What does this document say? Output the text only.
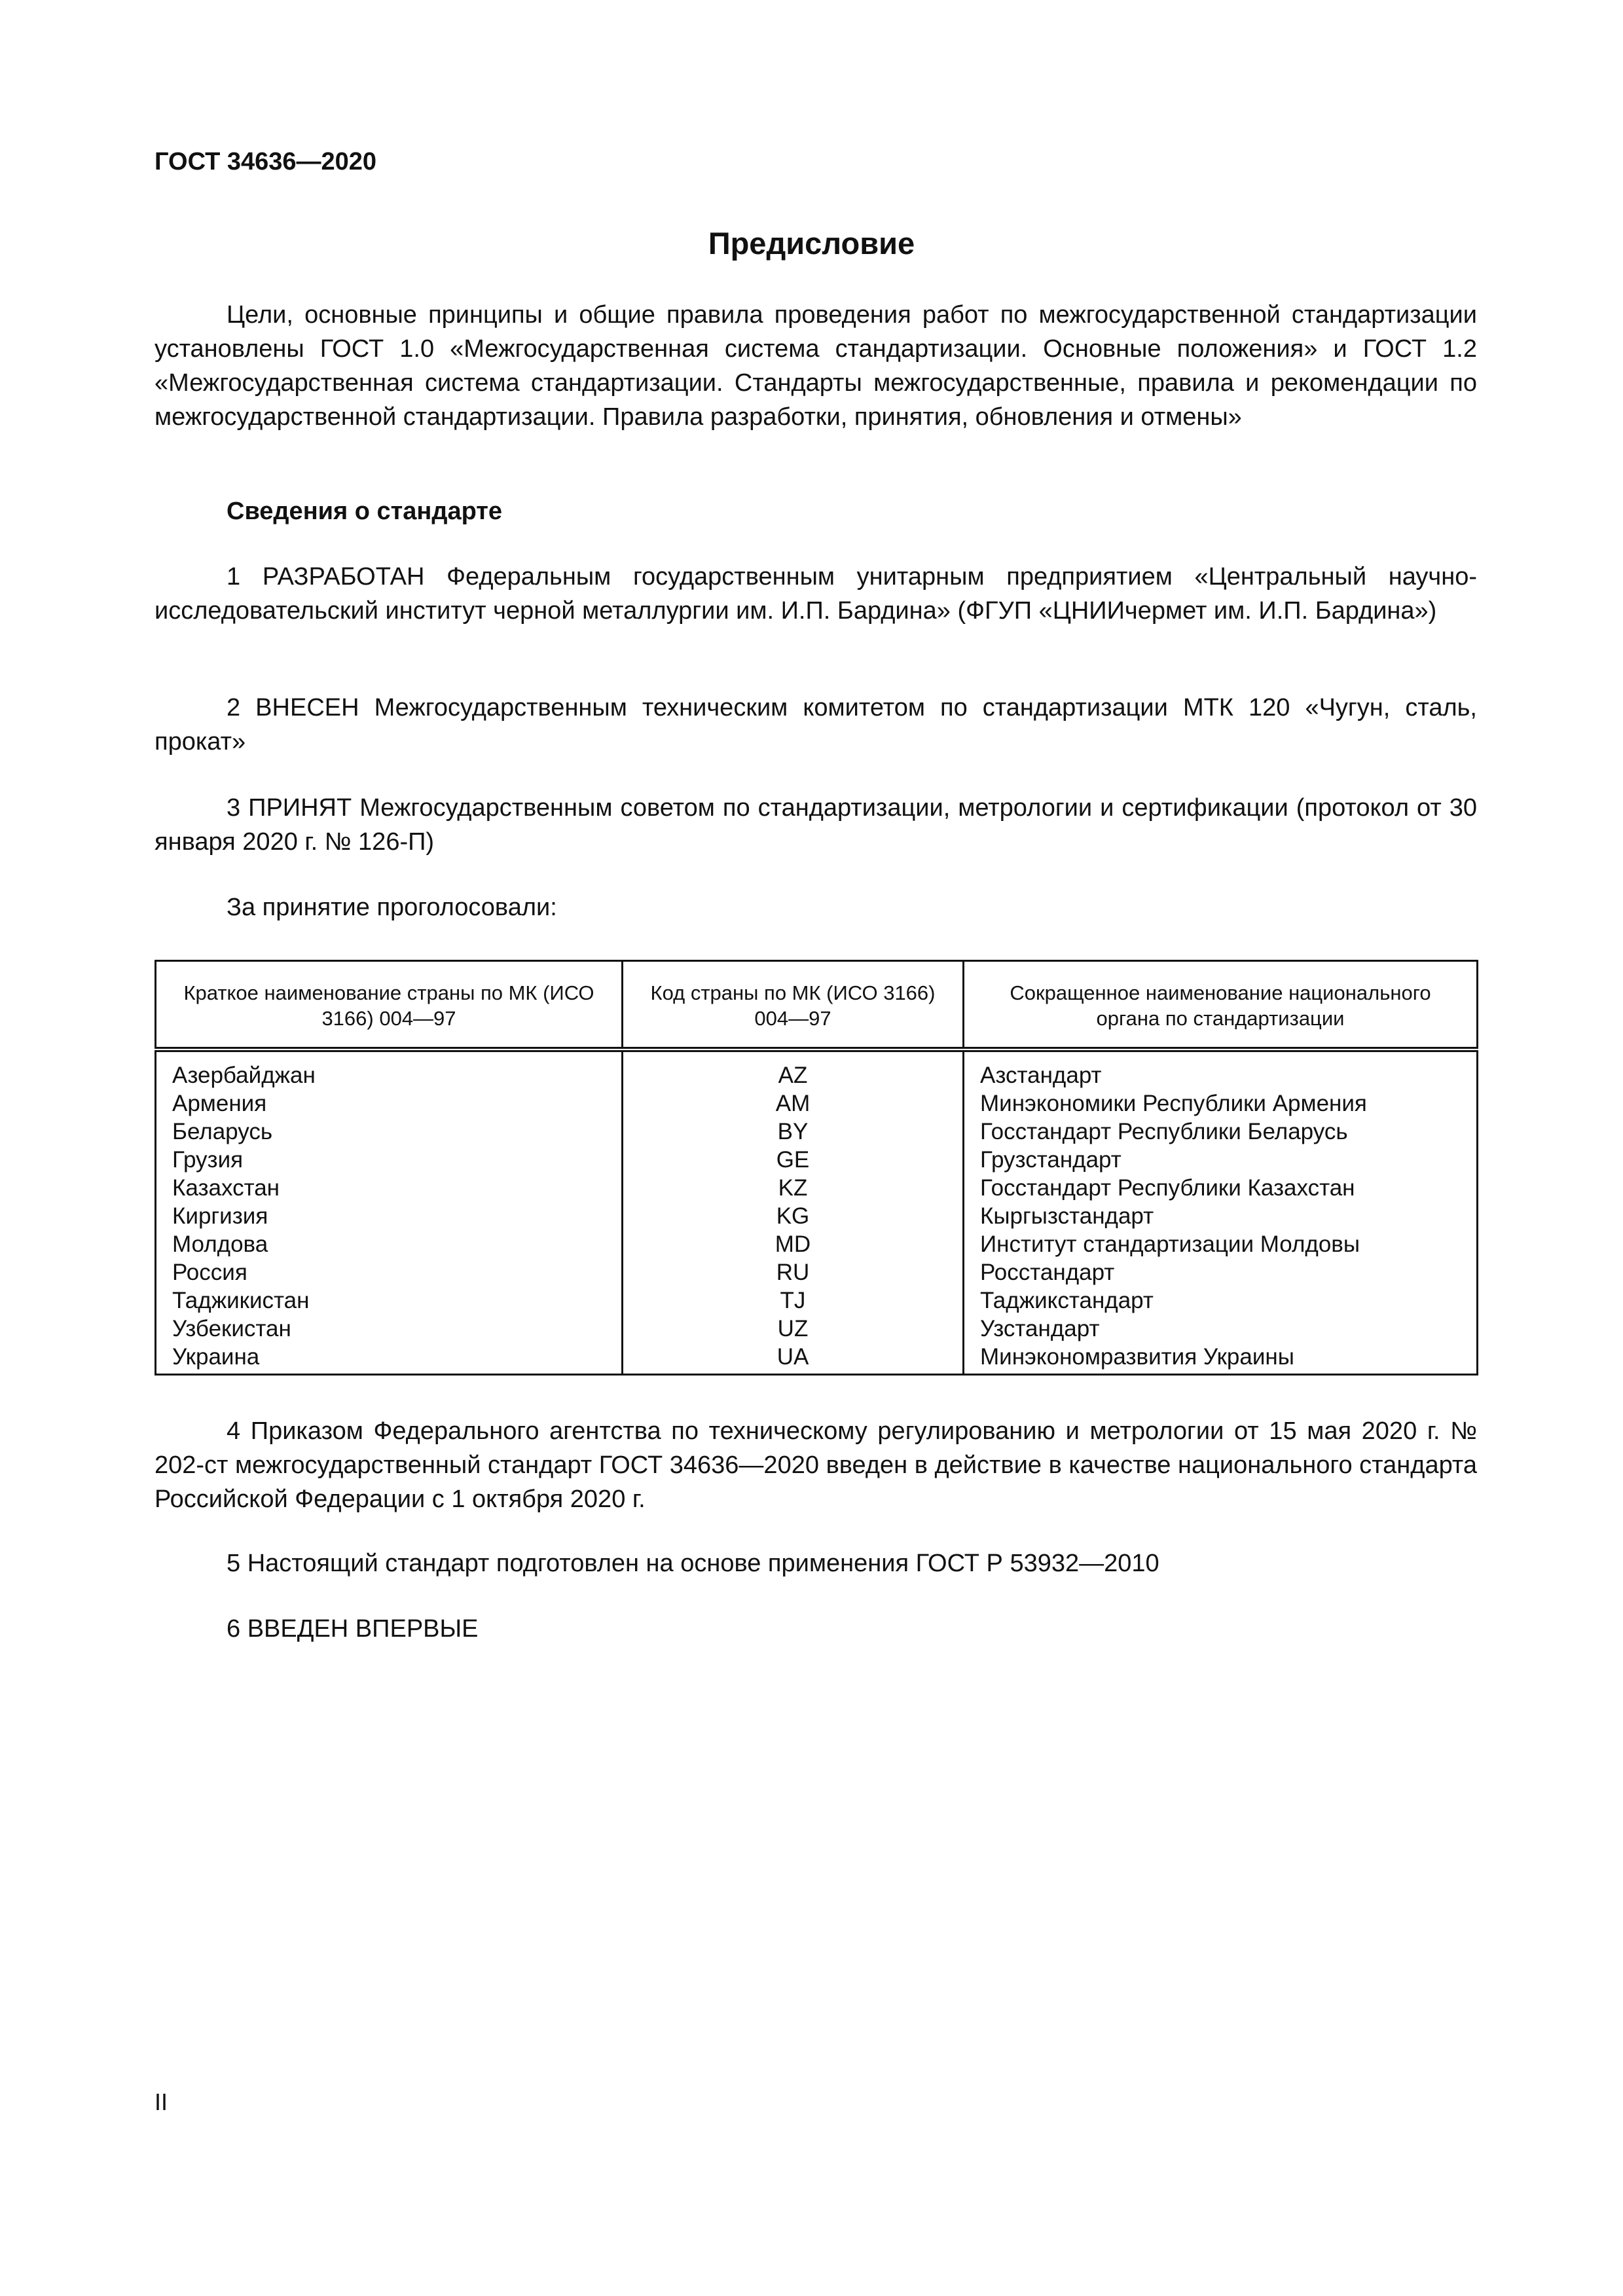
ГОСТ 34636—2020
Предисловие

Цели, основные принципы и общие правила проведения работ по межгосударственной стандартизации установлены ГОСТ 1.0 «Межгосударственная система стандартизации. Основные положения» и ГОСТ 1.2 «Межгосударственная система стандартизации. Стандарты межгосударственные, правила и рекомендации по межгосударственной стандартизации. Правила разработки, принятия, обновления и отмены»

Сведения о стандарте

1 РАЗРАБОТАН Федеральным государственным унитарным предприятием «Центральный научно-исследовательский институт черной металлургии им. И.П. Бардина» (ФГУП «ЦНИИчермет им. И.П. Бардина»)

2 ВНЕСЕН Межгосударственным техническим комитетом по стандартизации МТК 120 «Чугун, сталь, прокат»

3 ПРИНЯТ Межгосударственным советом по стандартизации, метрологии и сертификации (протокол от 30 января 2020 г. № 126-П)

За принятие проголосовали:

Краткое наименование страны по МК (ИСО 3166) 004—97	Код страны по МК (ИСО 3166) 004—97	Сокращенное наименование национального органа по стандартизации
Азербайджан	AZ	Азстандарт
Армения	AM	Минэкономики Республики Армения
Беларусь	BY	Госстандарт Республики Беларусь
Грузия	GE	Грузстандарт
Казахстан	KZ	Госстандарт Республики Казахстан
Киргизия	KG	Кыргызстандарт
Молдова	MD	Институт стандартизации Молдовы
Россия	RU	Росстандарт
Таджикистан	TJ	Таджикстандарт
Узбекистан	UZ	Узстандарт
Украина	UA	Минэкономразвития Украины

4 Приказом Федерального агентства по техническому регулированию и метрологии от 15 мая 2020 г. № 202-ст межгосударственный стандарт ГОСТ 34636—2020 введен в действие в качестве национального стандарта Российской Федерации с 1 октября 2020 г.

5 Настоящий стандарт подготовлен на основе применения ГОСТ Р 53932—2010

6 ВВЕДЕН ВПЕРВЫЕ

II
